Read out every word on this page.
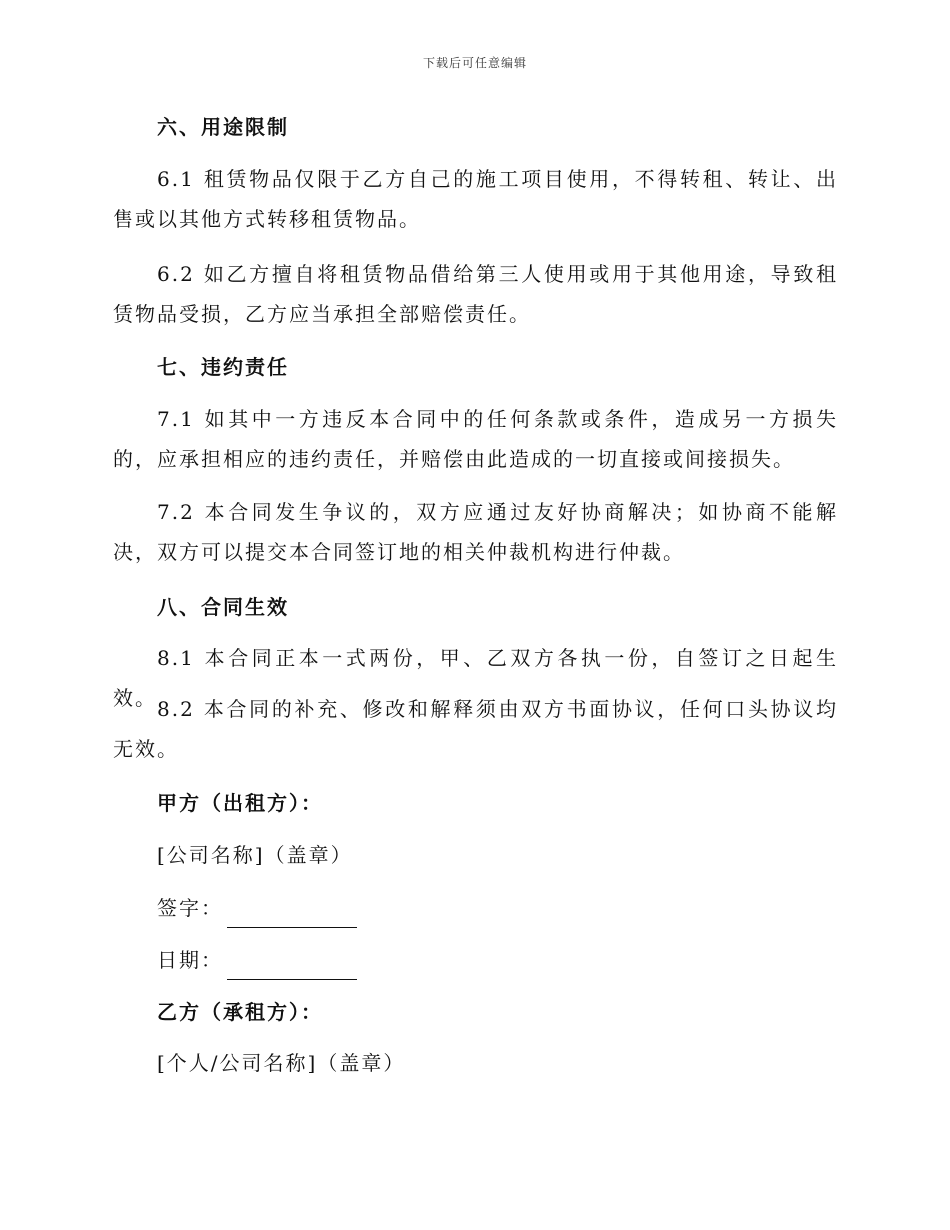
下载后可任意编辑

六、用途限制

6.1 租赁物品仅限于乙方自己的施工项目使用，不得转租、转让、出售或以其他方式转移租赁物品。

6.2 如乙方擅自将租赁物品借给第三人使用或用于其他用途，导致租赁物品受损，乙方应当承担全部赔偿责任。

七、违约责任

7.1 如其中一方违反本合同中的任何条款或条件，造成另一方损失的，应承担相应的违约责任，并赔偿由此造成的一切直接或间接损失。

7.2 本合同发生争议的，双方应通过友好协商解决；如协商不能解决，双方可以提交本合同签订地的相关仲裁机构进行仲裁。

八、合同生效

8.1 本合同正本一式两份，甲、乙双方各执一份，自签订之日起生效。 8.2 本合同的补充、修改和解释须由双方书面协议，任何口头协议均无效。

甲方（出租方）：

[公司名称]（盖章）

签字：

日期：

乙方（承租方）：

[个人/公司名称]（盖章）
